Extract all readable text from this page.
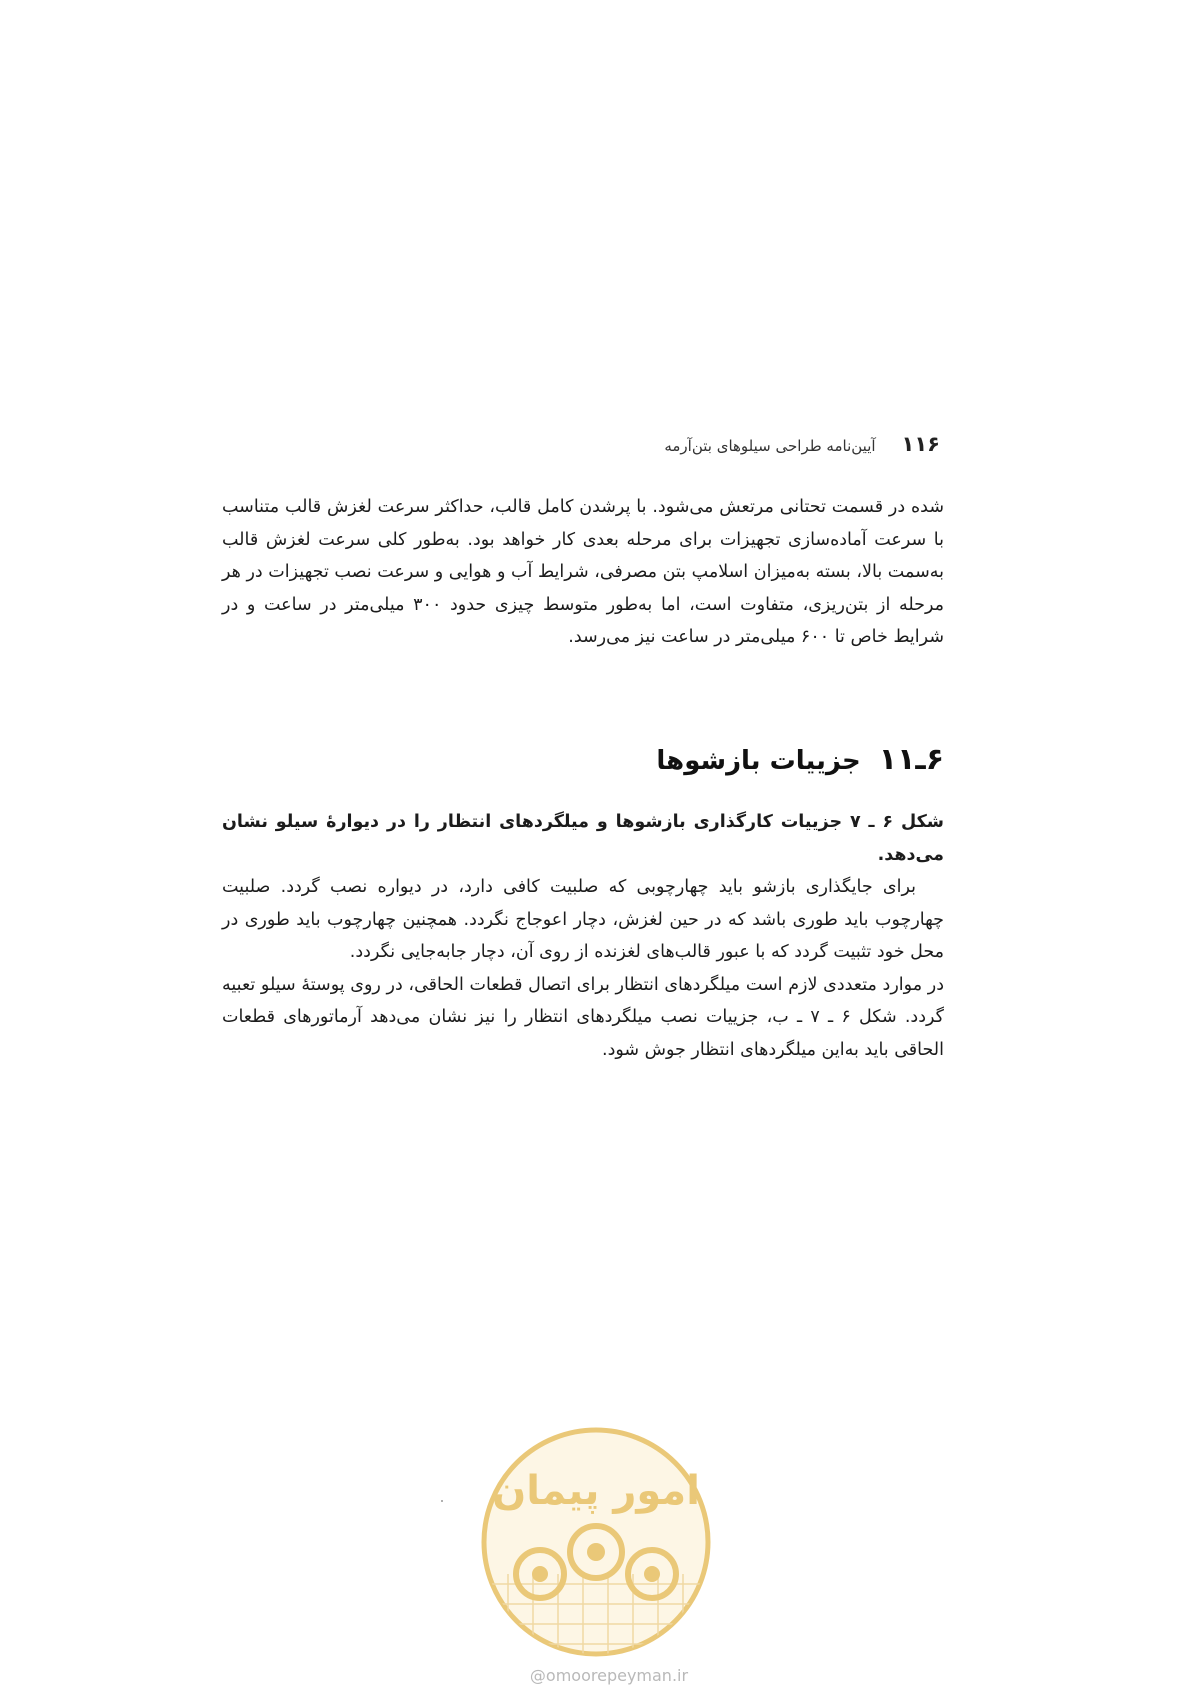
۱۱۶
آیین‌نامه طراحی سیلوهای بتن‌آرمه

شده در قسمت تحتانی مرتعش می‌شود. با پرشدن کامل قالب، حداکثر سرعت لغزش قالب متناسب با سرعت آماده‌سازی تجهیزات برای مرحله بعدی کار خواهد بود. به‌طور کلی سرعت لغزش قالب به‌سمت بالا، بسته به‌میزان اسلامپ بتن مصرفی، شرایط آب و هوایی و سرعت نصب تجهیزات در هر مرحله از بتن‌ریزی، متفاوت است، اما به‌طور متوسط چیزی حدود ۳۰۰ میلی‌متر در ساعت و در شرایط خاص تا ۶۰۰ میلی‌متر در ساعت نیز می‌رسد.

۶ـ۱۱
جزییات بازشوها

شکل ۶ ـ ۷ جزییات کارگذاری بازشوها و میلگردهای انتظار را در دیوارهٔ سیلو نشان می‌دهد.

برای جایگذاری بازشو باید چهارچوبی که صلبیت کافی دارد، در دیواره نصب گردد. صلبیت چهارچوب باید طوری باشد که در حین لغزش، دچار اعوجاج نگردد. همچنین چهارچوب باید طوری در محل خود تثبیت گردد که با عبور قالب‌های لغزنده از روی آن، دچار جابه‌جایی نگردد.

در موارد متعددی لازم است میلگردهای انتظار برای اتصال قطعات الحاقی، در روی پوستهٔ سیلو تعبیه گردد. شکل ۶ ـ ۷ ـ ب، جزییات نصب میلگردهای انتظار را نیز نشان می‌دهد آرماتورهای قطعات الحاقی باید به‌این میلگردهای انتظار جوش شود.

امور پیمان
@omoorepeyman.ir
